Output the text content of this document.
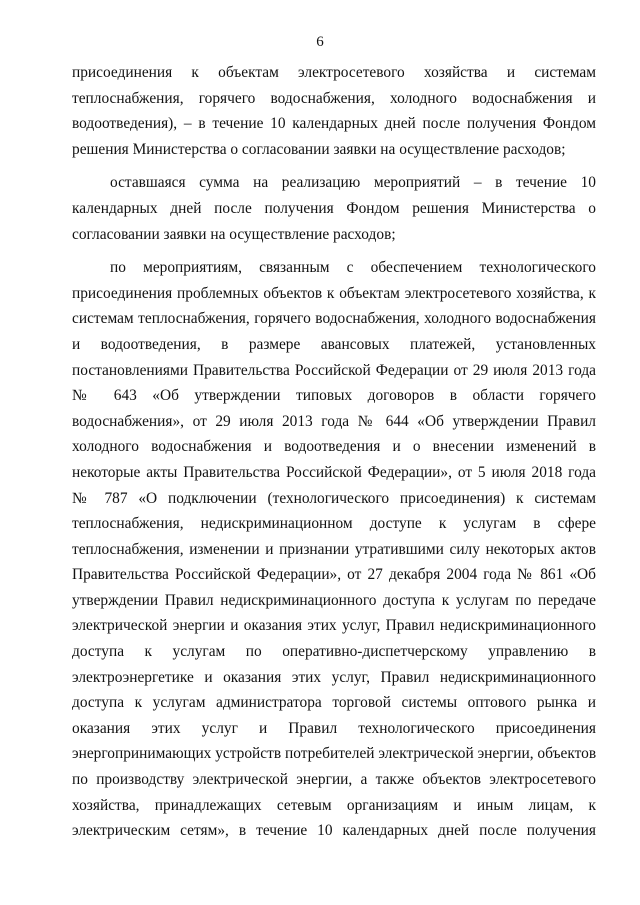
6
присоединения к объектам электросетевого хозяйства и системам
теплоснабжения, горячего водоснабжения, холодного водоснабжения и
водоотведения), – в течение 10 календарных дней после получения Фондом
решения Министерства о согласовании заявки на осуществление расходов;
оставшаяся сумма на реализацию мероприятий – в течение 10
календарных дней после получения Фондом решения Министерства о
согласовании заявки на осуществление расходов;
по мероприятиям, связанным с обеспечением технологического
присоединения проблемных объектов к объектам электросетевого хозяйства, к
системам теплоснабжения, горячего водоснабжения, холодного водоснабжения
и водоотведения, в размере авансовых платежей, установленных
постановлениями Правительства Российской Федерации от 29 июля 2013 года
№ 643 «Об утверждении типовых договоров в области горячего
водоснабжения», от 29 июля 2013 года № 644 «Об утверждении Правил
холодного водоснабжения и водоотведения и о внесении изменений в
некоторые акты Правительства Российской Федерации», от 5 июля 2018 года
№ 787 «О подключении (технологического присоединения) к системам
теплоснабжения, недискриминационном доступе к услугам в сфере
теплоснабжения, изменении и признании утратившими силу некоторых актов
Правительства Российской Федерации», от 27 декабря 2004 года № 861 «Об
утверждении Правил недискриминационного доступа к услугам по передаче
электрической энергии и оказания этих услуг, Правил недискриминационного
доступа к услугам по оперативно-диспетчерскому управлению в
электроэнергетике и оказания этих услуг, Правил недискриминационного
доступа к услугам администратора торговой системы оптового рынка и
оказания этих услуг и Правил технологического присоединения
энергопринимающих устройств потребителей электрической энергии, объектов
по производству электрической энергии, а также объектов электросетевого
хозяйства, принадлежащих сетевым организациям и иным лицам, к
электрическим сетям», в течение 10 календарных дней после получения
